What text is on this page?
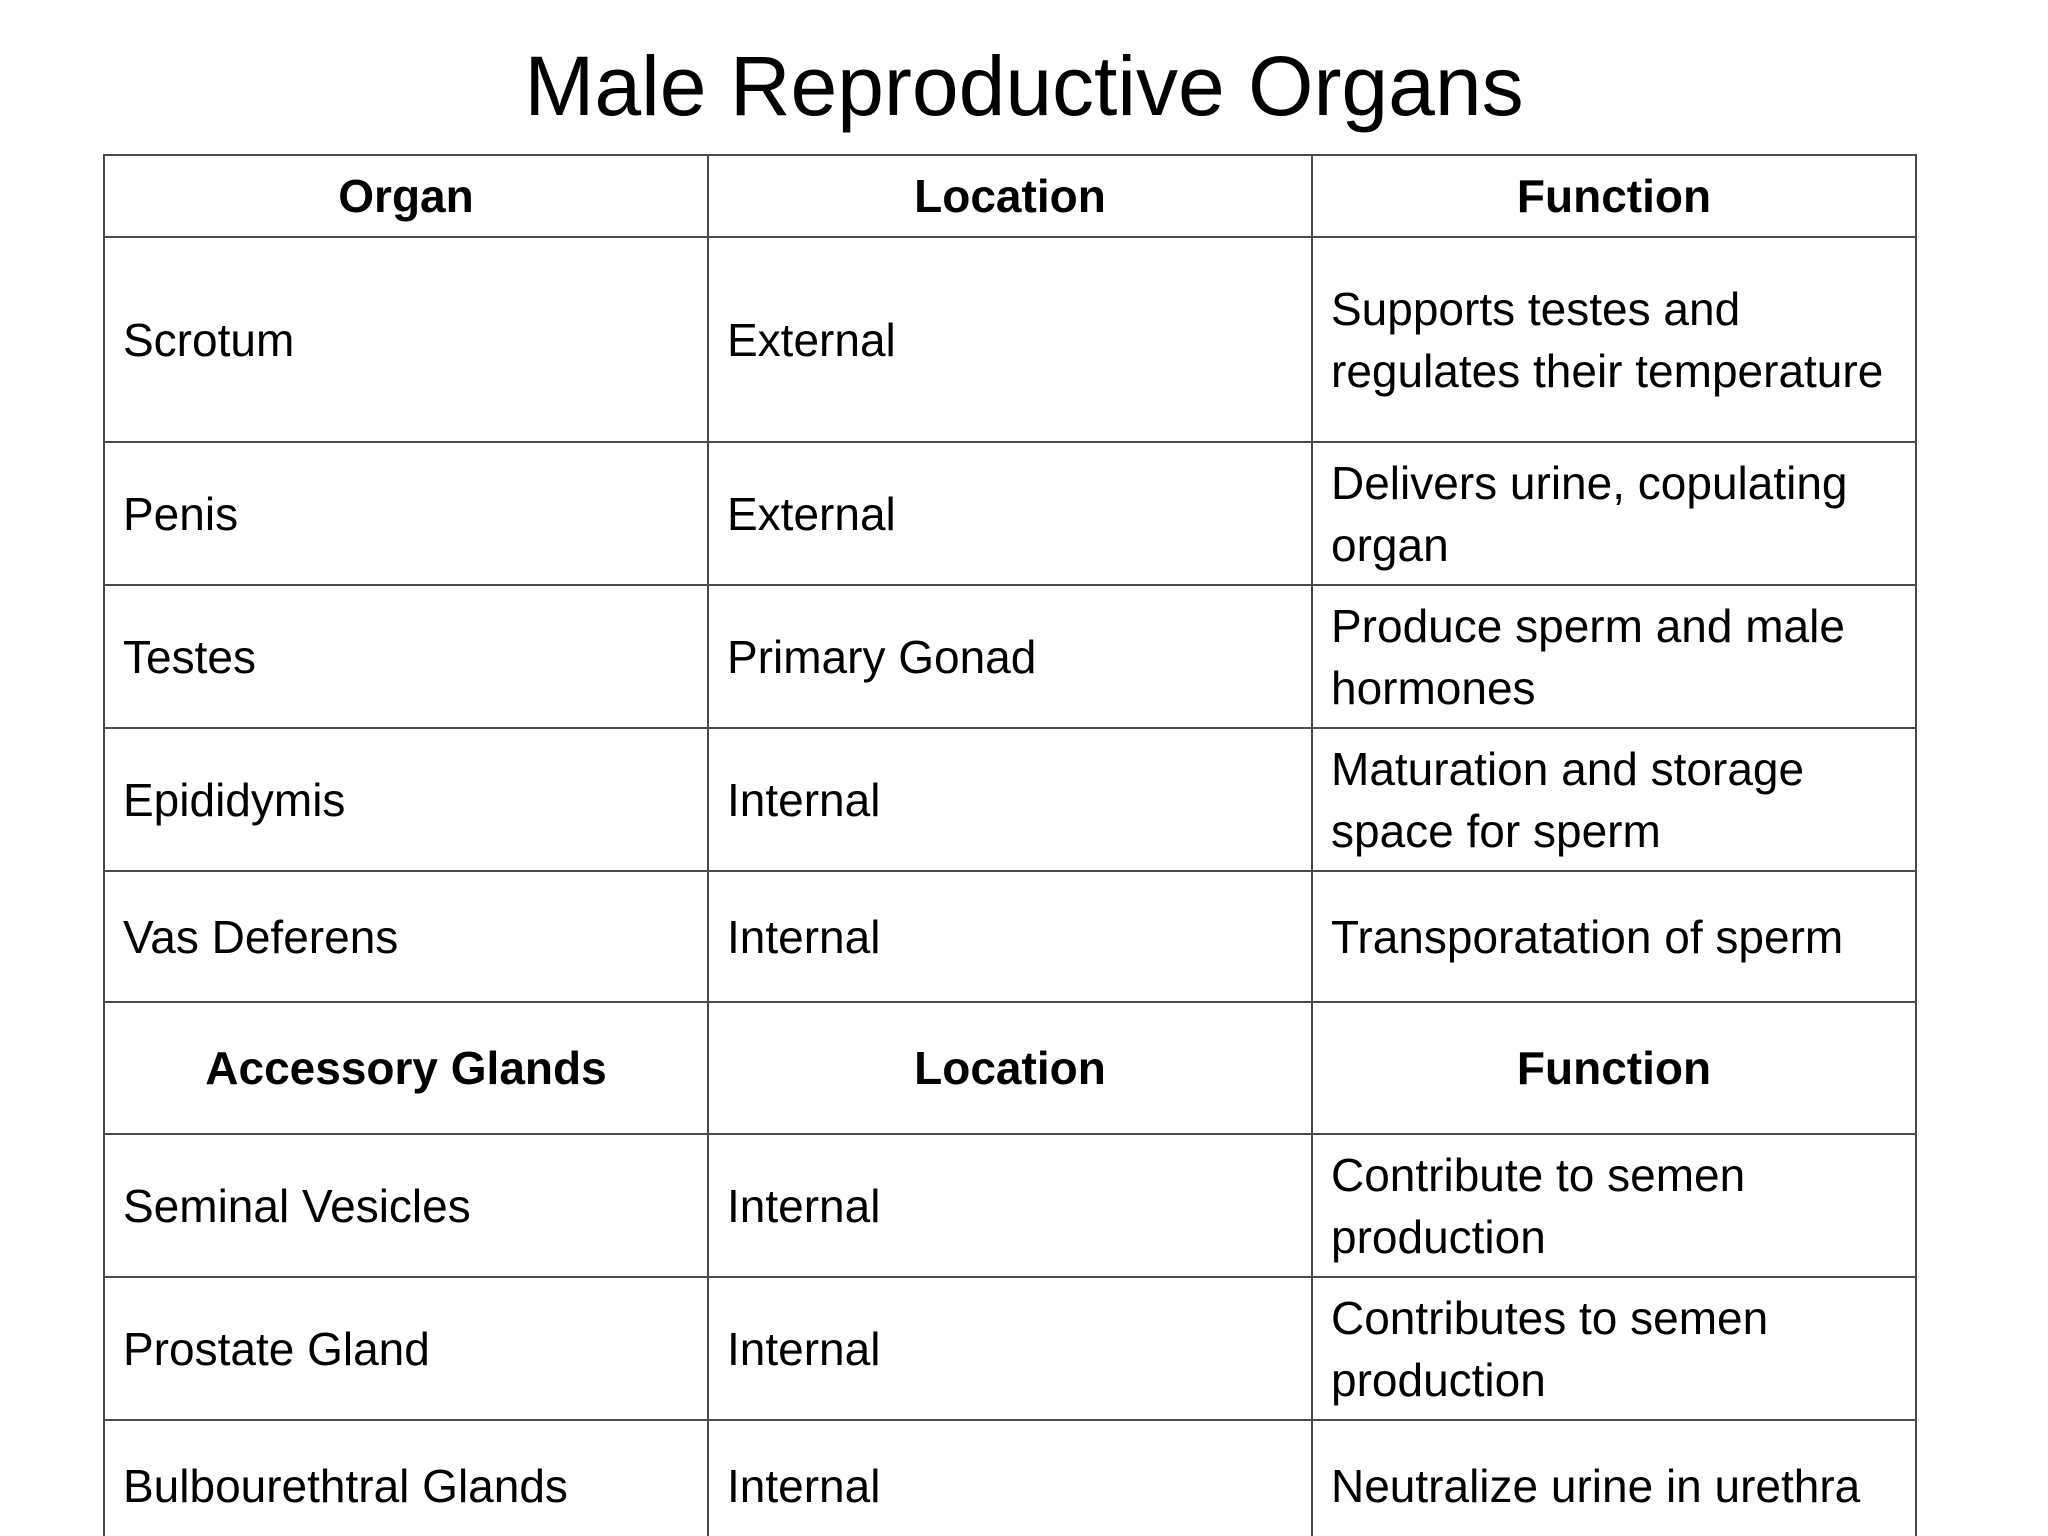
Male Reproductive Organs
Organ	Location	Function
Scrotum	External	Supports testes and regulates their temperature
Penis	External	Delivers urine, copulating organ
Testes	Primary Gonad	Produce sperm and male hormones
Epididymis	Internal	Maturation and storage space for sperm
Vas Deferens	Internal	Transporatation of sperm
Accessory Glands	Location	Function
Seminal Vesicles	Internal	Contribute to semen production
Prostate Gland	Internal	Contributes to semen production
Bulbourethtral Glands	Internal	Neutralize urine in urethra
